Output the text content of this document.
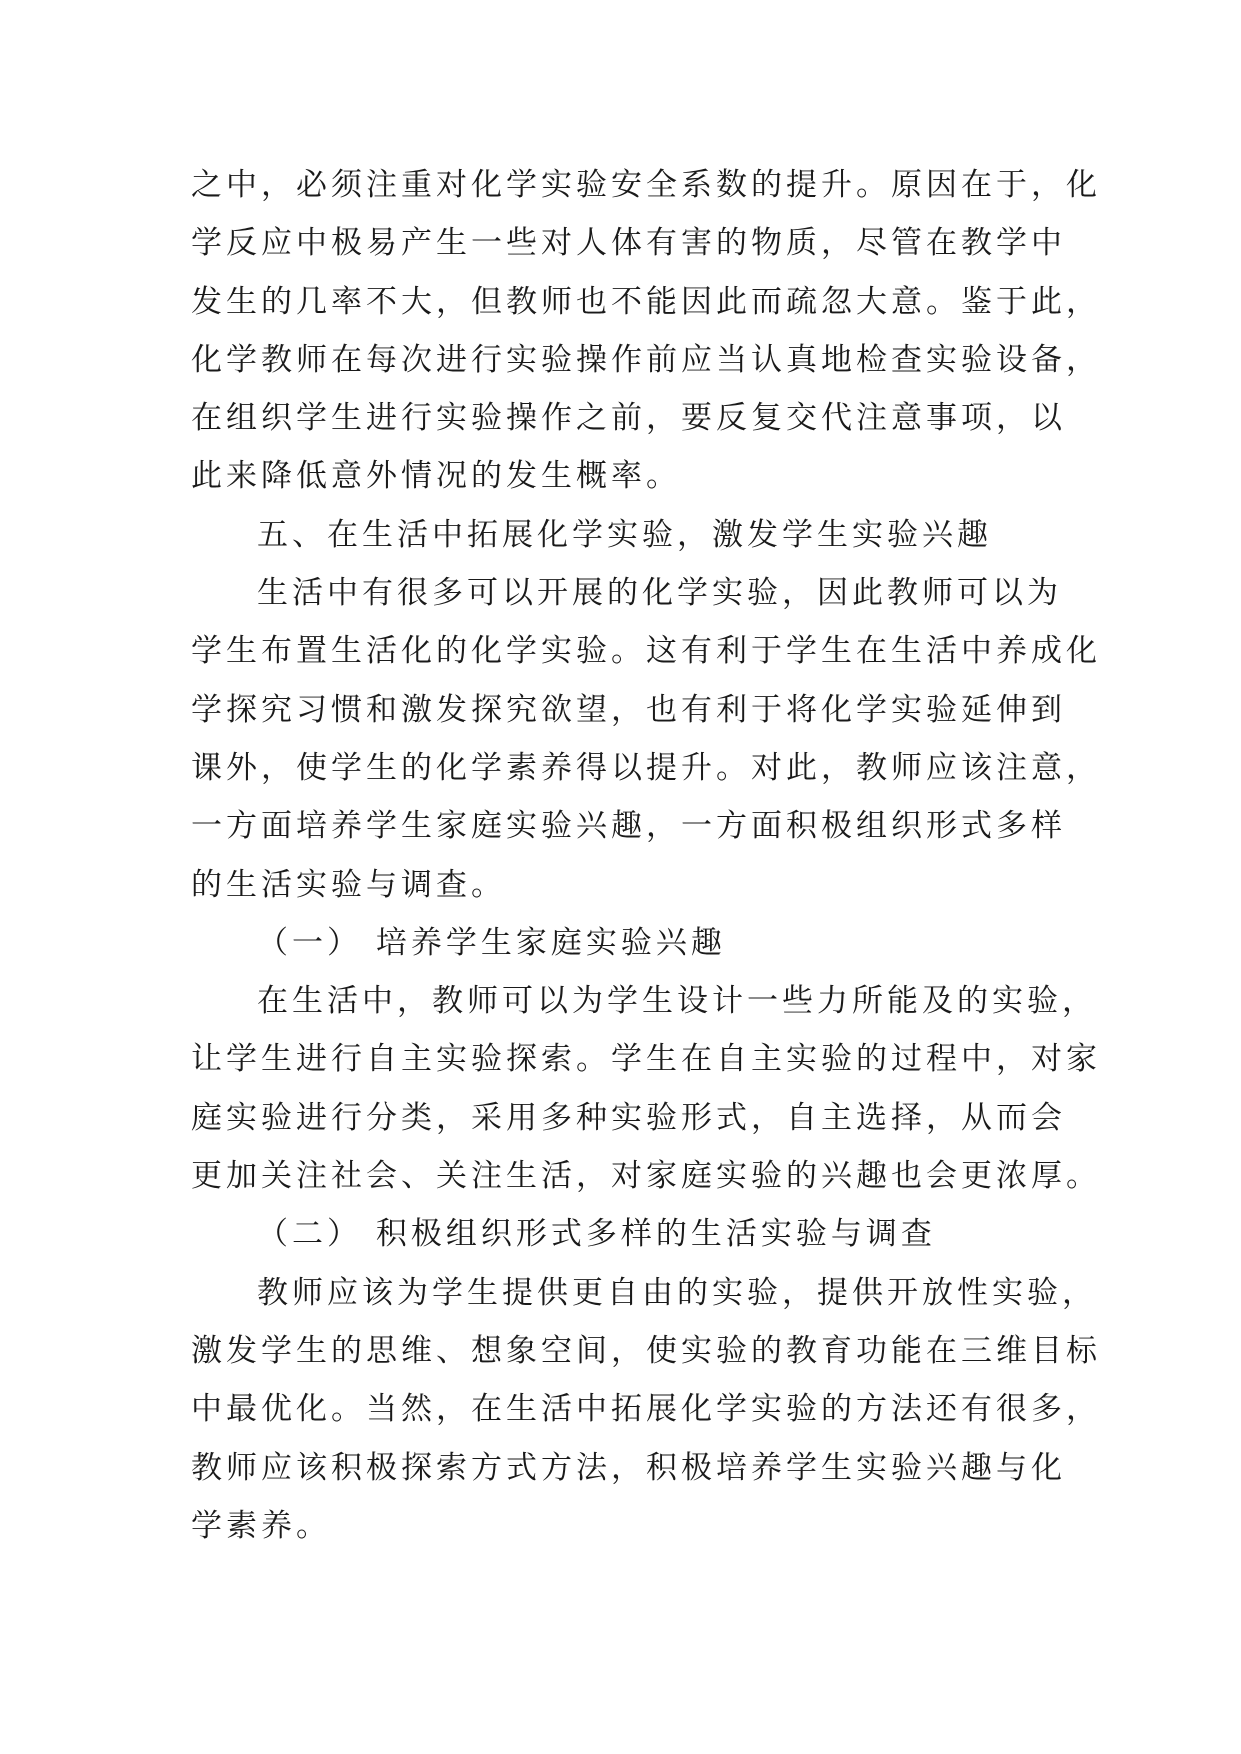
之中，必须注重对化学实验安全系数的提升。原因在于，化
学反应中极易产生一些对人体有害的物质，尽管在教学中
发生的几率不大，但教师也不能因此而疏忽大意。鉴于此，
化学教师在每次进行实验操作前应当认真地检查实验设备，
在组织学生进行实验操作之前，要反复交代注意事项，以
此来降低意外情况的发生概率。
五、在生活中拓展化学实验，激发学生实验兴趣
生活中有很多可以开展的化学实验，因此教师可以为
学生布置生活化的化学实验。这有利于学生在生活中养成化
学探究习惯和激发探究欲望，也有利于将化学实验延伸到
课外，使学生的化学素养得以提升。对此，教师应该注意，
一方面培养学生家庭实验兴趣，一方面积极组织形式多样
的生活实验与调查。
（一） 培养学生家庭实验兴趣
在生活中，教师可以为学生设计一些力所能及的实验，
让学生进行自主实验探索。学生在自主实验的过程中，对家
庭实验进行分类，采用多种实验形式，自主选择，从而会
更加关注社会、关注生活，对家庭实验的兴趣也会更浓厚。
（二） 积极组织形式多样的生活实验与调查
教师应该为学生提供更自由的实验，提供开放性实验，
激发学生的思维、想象空间，使实验的教育功能在三维目标
中最优化。当然，在生活中拓展化学实验的方法还有很多，
教师应该积极探索方式方法，积极培养学生实验兴趣与化
学素养。
